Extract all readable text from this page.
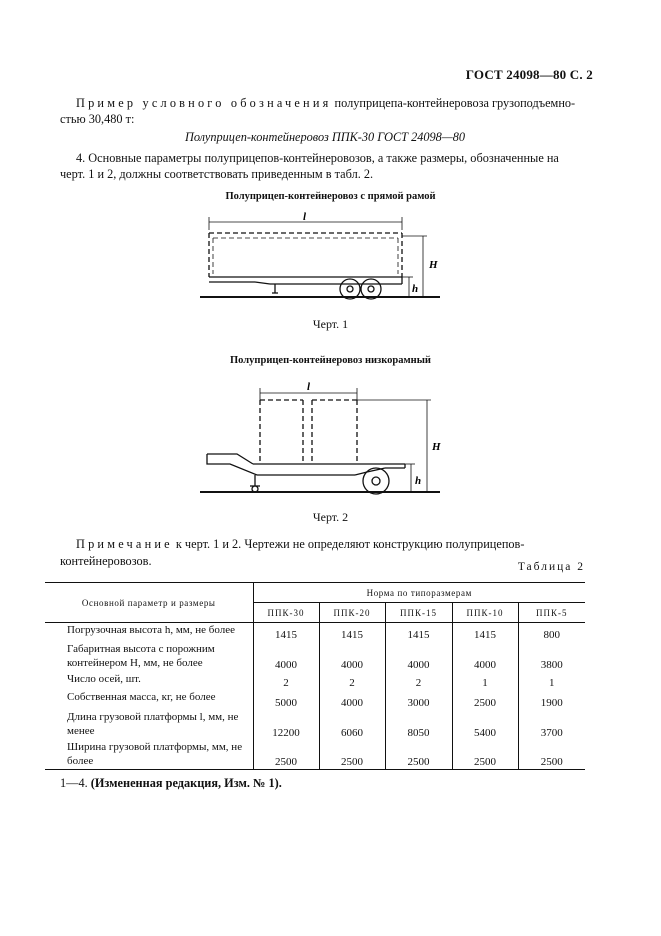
ГОСТ 24098—80 С. 2
Пример условного обозначения полуприцепа-контейнеровоза грузоподъемно-
стью 30,480 т:
Полуприцеп-контейнеровоз ППК-30 ГОСТ 24098—80
4. Основные параметры полуприцепов-контейнеровозов, а также размеры, обозначенные на
черт. 1 и 2, должны соответствовать приведенным в табл. 2.
Полуприцеп-контейнеровоз с прямой рамой
l
H
h
Черт. 1
Полуприцеп-контейнеровоз низкорамный
l
H
h
Черт. 2
Примечание к черт. 1 и 2. Чертежи не определяют конструкцию полуприцепов-контейнеровозов.	Таблица 2
Основной параметр и размеры	Норма по типоразмерам				
	ППК-30	ППК-20	ППК-15	ППК-10	ППК-5
Погрузочная высота h, мм, не более	1415	1415	1415	1415	800
Габаритная высота с порожним контейнером H, мм, не более	4000	4000	4000	4000	3800
Число осей, шт.	2	2	2	1	1
Собственная масса, кг, не более	5000	4000	3000	2500	1900
Длина грузовой платформы l, мм, не менее	12200	6060	8050	5400	3700
Ширина грузовой платформы, мм, не более	2500	2500	2500	2500	2500
1—4. (Измененная редакция, Изм. № 1).
